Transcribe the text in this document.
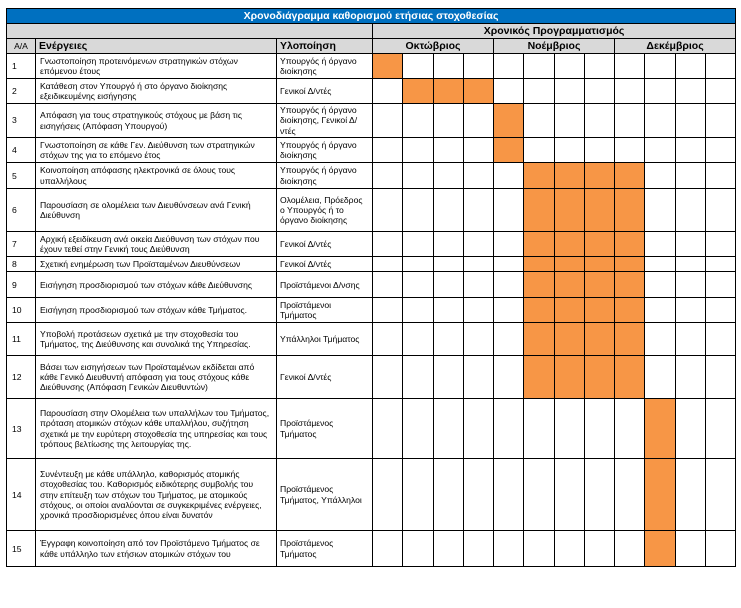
Χρονοδιάγραμμα καθορισμού ετήσιας στοχοθεσίας														
			Χρονικός Προγραμματισμός											
Α/Α	Ενέργειες	Υλοποίηση	Οκτώβριος				Νοέμβριος				Δεκέμβριος			
1	Γνωστοποίηση προτεινόμενων στρατηγικών στόχων επόμενου έτους	Υπουργός ή όργανο διοίκησης												
2	Κατάθεση στον Υπουργό ή στο όργανο διοίκησης εξειδικευμένης εισήγησης	Γενικοί Δ/ντές												
3	Απόφαση για τους στρατηγικούς στόχους με βάση τις εισηγήσεις (Απόφαση Υπουργού)	Υπουργός ή όργανο διοίκησης, Γενικοί Δ/ντές												
4	Γνωστοποίηση σε κάθε Γεν. Διεύθυνση των στρατηγικών στόχων της για το επόμενο έτος	Υπουργός ή όργανο διοίκησης												
5	Κοινοποίηση απόφασης ηλεκτρονικά σε όλους τους υπαλλήλους	Υπουργός ή όργανο διοίκησης												
6	Παρουσίαση σε ολομέλεια των Διευθύνσεων ανά Γενική Διεύθυνση	Ολομέλεια, Πρόεδρος ο Υπουργός ή το όργανο διοίκησης												
7	Αρχική εξειδίκευση ανά οικεία Διεύθυνση των στόχων που έχουν τεθεί στην Γενική τους Διεύθυνση	Γενικοί Δ/ντές												
8	Σχετική ενημέρωση των Προϊσταμένων Διευθύνσεων	Γενικοί Δ/ντές												
9	Εισήγηση προσδιορισμού των στόχων κάθε Διεύθυνσης	Προϊστάμενοι Δ/νσης												
10	Εισήγηση προσδιορισμού των στόχων κάθε Τμήματος.	Προϊστάμενοι Τμήματος												
11	Υποβολή προτάσεων σχετικά με την στοχοθεσία του Τμήματος, της Διεύθυνσης και συνολικά της Υπηρεσίας.	Υπάλληλοι Τμήματος												
12	Βάσει των εισηγήσεων των Προϊσταμένων εκδίδεται από κάθε Γενικό Διευθυντή απόφαση για τους στόχους κάθε Διεύθυνσης (Απόφαση Γενικών Διευθυντών)	Γενικοί Δ/ντές												
13	Παρουσίαση στην Ολομέλεια των υπαλλήλων του Τμήματος, πρόταση ατομικών στόχων κάθε υπαλλήλου, συζήτηση σχετικά με την ευρύτερη στοχοθεσία της υπηρεσίας και τους τρόπους βελτίωσης της λειτουργίας της.	Προϊστάμενος Τμήματος												
14	Συνέντευξη με κάθε υπάλληλο, καθορισμός ατομικής στοχοθεσίας του. Καθορισμός ειδικότερης συμβολής του στην επίτευξη των στόχων του Τμήματος, με ατομικούς στόχους, οι οποίοι αναλύονται σε συγκεκριμένες ενέργειες, χρονικά προσδιορισμένες όπου είναι δυνατόν	Προϊστάμενος Τμήματος, Υπάλληλοι												
15	Έγγραφη κοινοποίηση από τον Προϊστάμενο Τμήματος σε κάθε υπάλληλο των ετήσιων ατομικών στόχων του	Προϊστάμενος Τμήματος												
